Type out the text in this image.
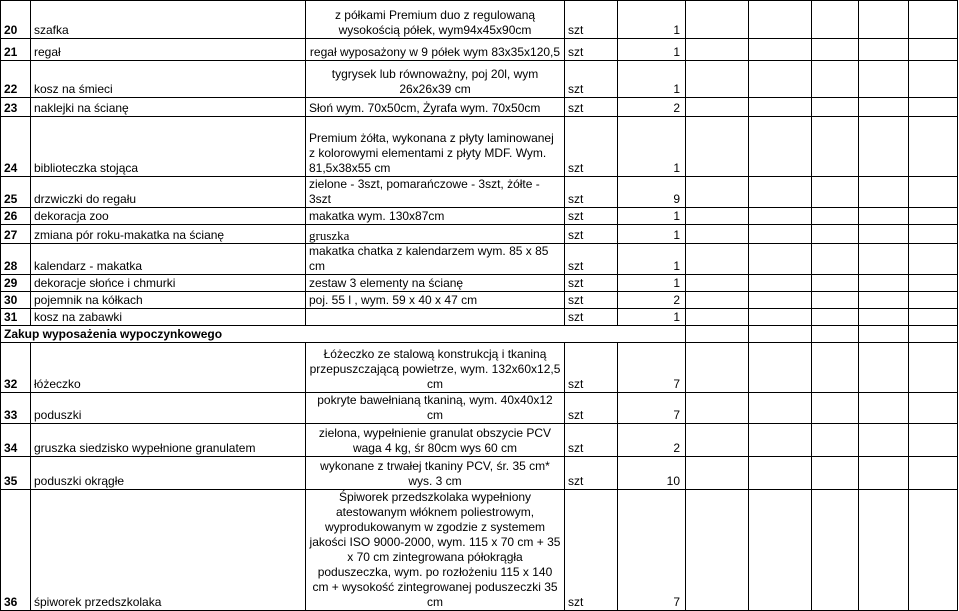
20	szafka	z półkami Premium duo z regulowaną wysokością półek, wym94x45x90cm	szt	1					
21	regał	regał wyposażony w 9 półek wym 83x35x120,5	szt	1					
22	kosz na śmieci	tygrysek lub równoważny, poj 20l, wym 26x26x39 cm	szt	1					
23	naklejki na ścianę	Słoń wym. 70x50cm, Żyrafa wym. 70x50cm	szt	2					
24	biblioteczka stojąca	Premium żółta, wykonana z płyty laminowanej z kolorowymi elementami z płyty MDF. Wym. 81,5x38x55 cm	szt	1					
25	drzwiczki do regału	zielone - 3szt, pomarańczowe - 3szt, żółte - 3szt	szt	9					
26	dekoracja zoo	makatka wym. 130x87cm	szt	1					
27	zmiana pór roku-makatka na ścianę	gruszka	szt	1					
28	kalendarz - makatka	makatka chatka z kalendarzem wym. 85 x 85 cm	szt	1					
29	dekoracje słońce i chmurki	zestaw 3 elementy na ścianę	szt	1					
30	pojemnik na kółkach	poj. 55 l , wym. 59 x 40 x 47 cm	szt	2					
31	kosz na zabawki		szt	1					
Zakup wyposażenia wypoczynkowego									
32	łóżeczko	Łóżeczko ze stalową konstrukcją i tkaniną przepuszczającą powietrze, wym. 132x60x12,5 cm	szt	7					
33	poduszki	pokryte bawełnianą tkaniną, wym. 40x40x12 cm	szt	7					
34	gruszka siedzisko wypełnione granulatem	zielona, wypełnienie granulat obszycie PCV waga 4 kg, śr 80cm wys 60 cm	szt	2					
35	poduszki okrągłe	wykonane z trwałej tkaniny PCV, śr. 35 cm* wys. 3 cm	szt	10					
36	śpiworek przedszkolaka	Śpiworek przedszkolaka wypełniony atestowanym włóknem poliestrowym, wyprodukowanym w zgodzie z systemem jakości ISO 9000-2000, wym. 115 x 70 cm + 35 x 70 cm zintegrowana półokrągła poduszeczka, wym. po rozłożeniu 115 x 140 cm + wysokość zintegrowanej poduszeczki 35 cm	szt	7					
